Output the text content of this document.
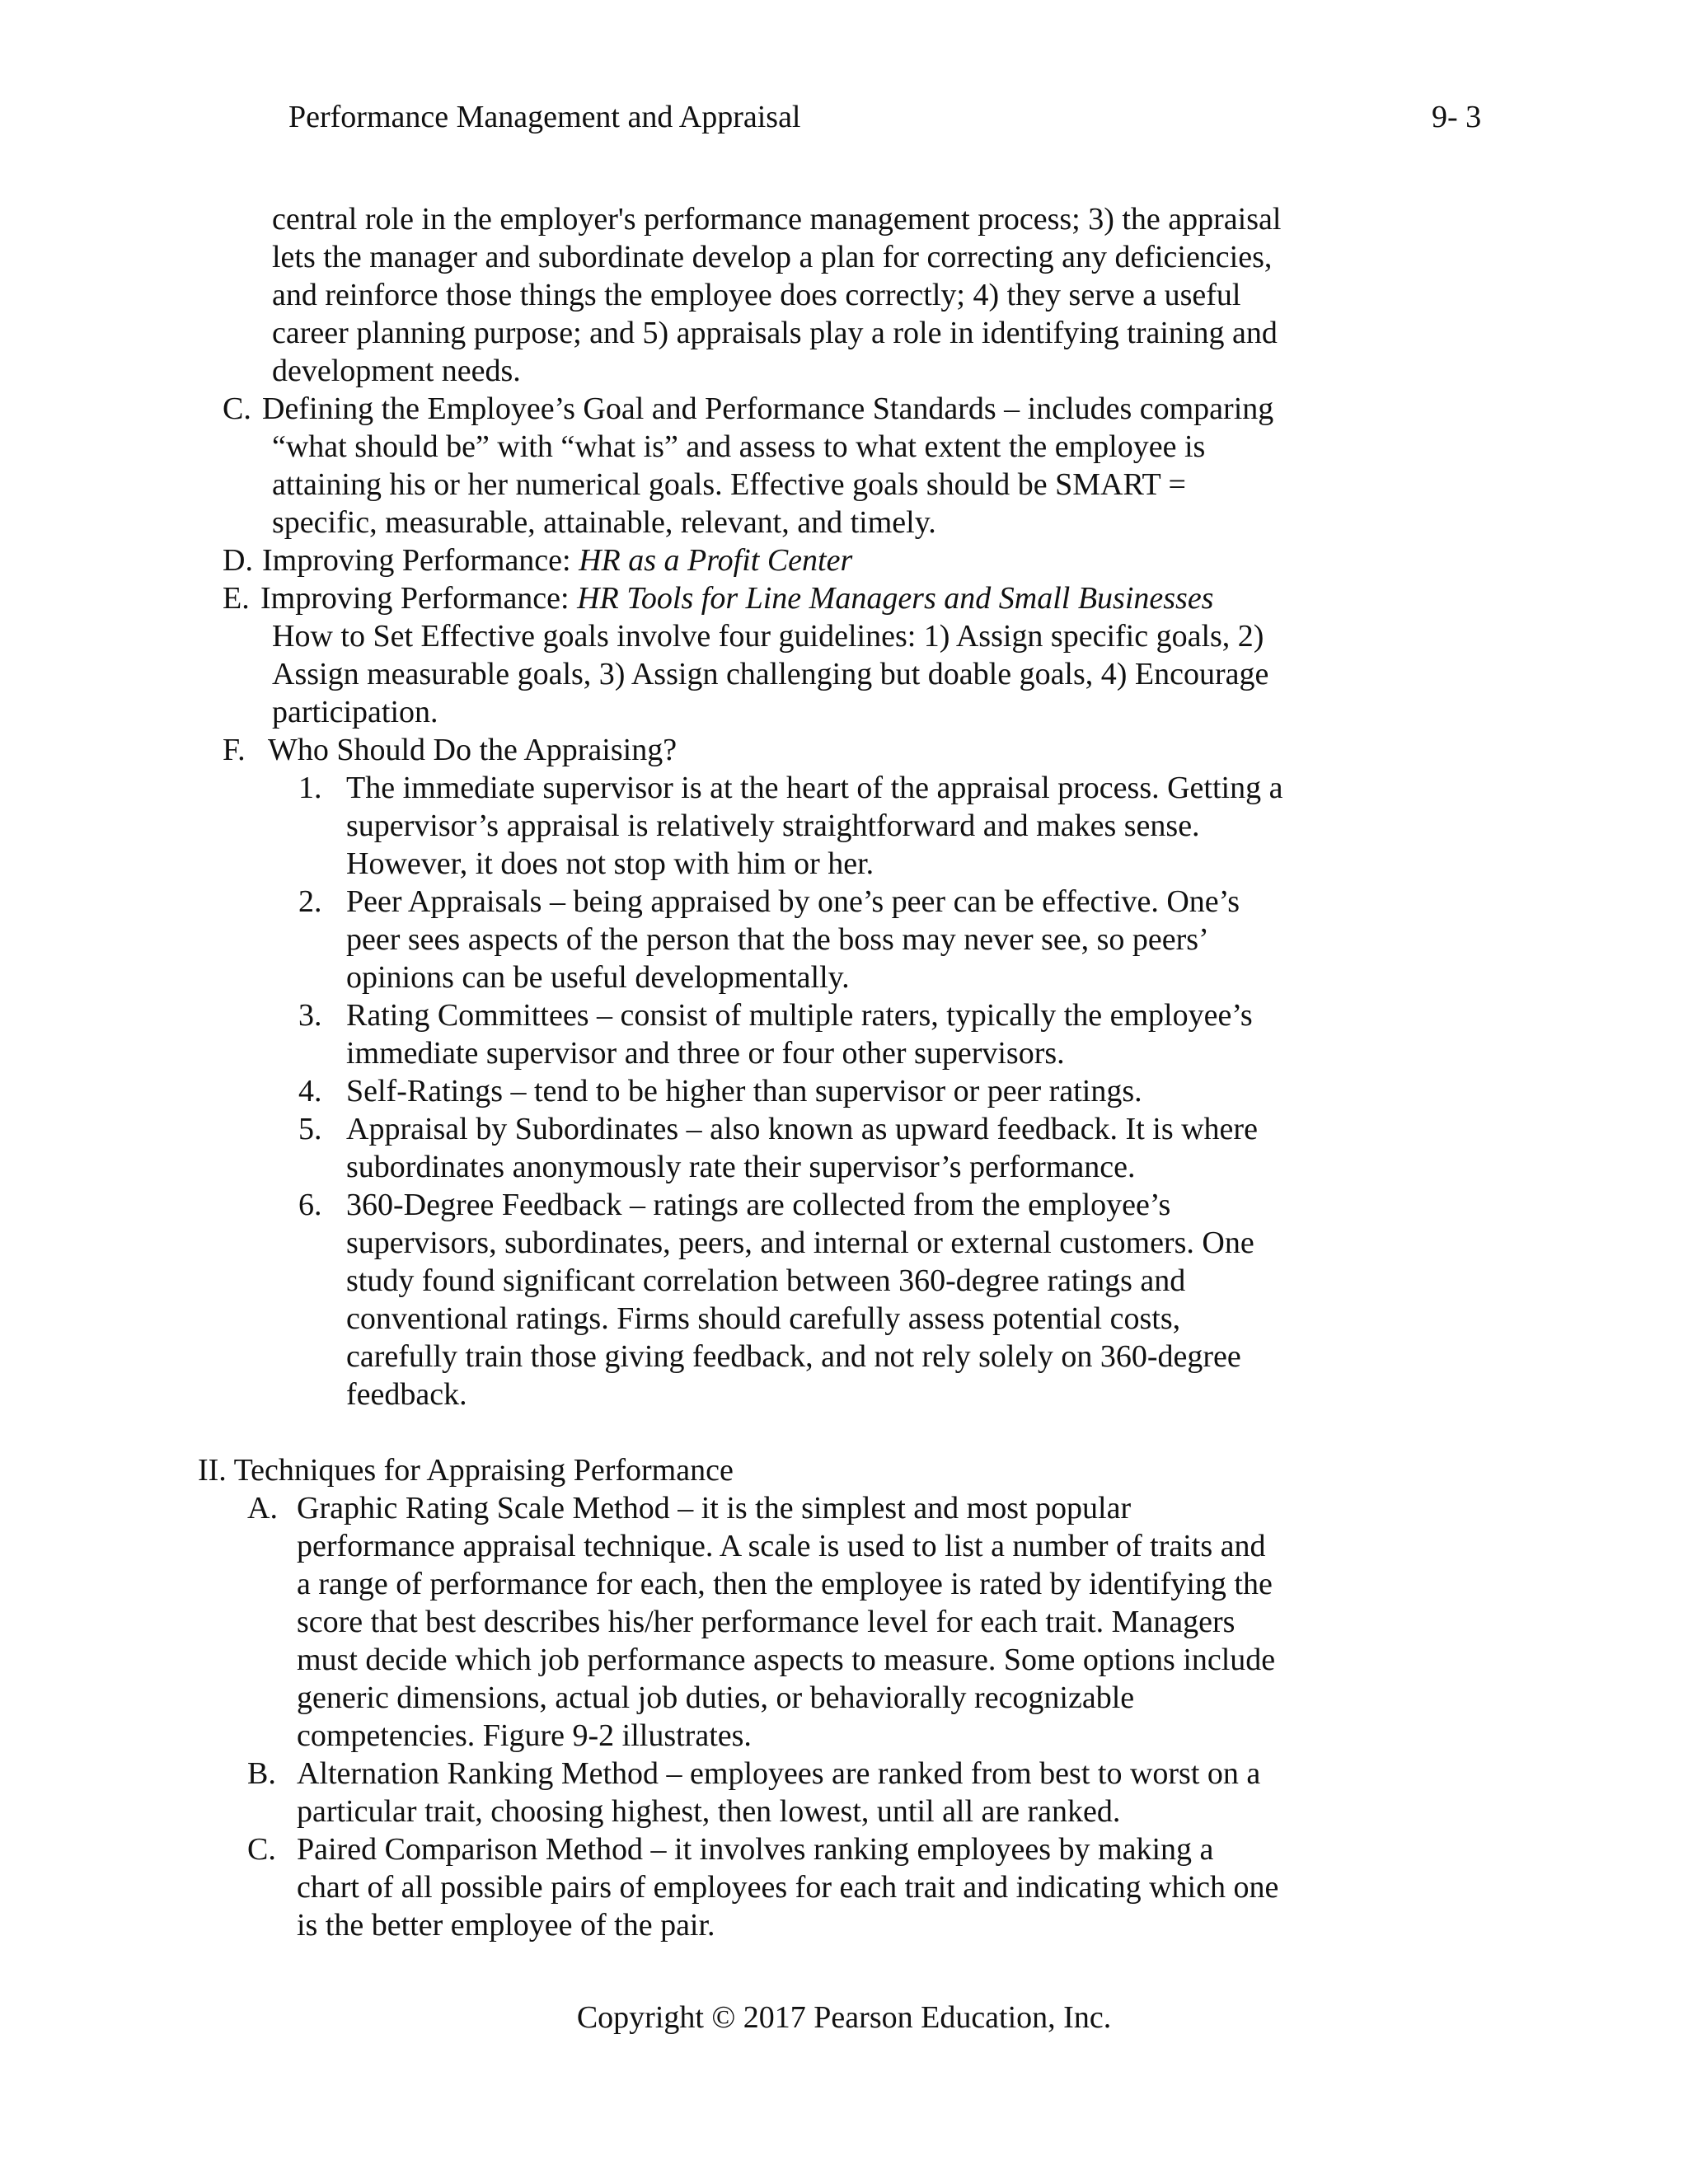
Performance Management and Appraisal	9- 3
central role in the employer's performance management process; 3) the appraisal
lets the manager and subordinate develop a plan for correcting any deficiencies,
and reinforce those things the employee does correctly; 4) they serve a useful
career planning purpose; and 5) appraisals play a role in identifying training and
development needs.
C. Defining the Employee’s Goal and Performance Standards – includes comparing
“what should be” with “what is” and assess to what extent the employee is
attaining his or her numerical goals. Effective goals should be SMART =
specific, measurable, attainable, relevant, and timely.
D. Improving Performance: HR as a Profit Center
E. Improving Performance: HR Tools for Line Managers and Small Businesses
How to Set Effective goals involve four guidelines: 1) Assign specific goals, 2)
Assign measurable goals, 3) Assign challenging but doable goals, 4) Encourage
participation.
F. Who Should Do the Appraising?
1. The immediate supervisor is at the heart of the appraisal process. Getting a
supervisor’s appraisal is relatively straightforward and makes sense.
However, it does not stop with him or her.
2. Peer Appraisals – being appraised by one’s peer can be effective. One’s
peer sees aspects of the person that the boss may never see, so peers’
opinions can be useful developmentally.
3. Rating Committees – consist of multiple raters, typically the employee’s
immediate supervisor and three or four other supervisors.
4. Self-Ratings – tend to be higher than supervisor or peer ratings.
5. Appraisal by Subordinates – also known as upward feedback. It is where
subordinates anonymously rate their supervisor’s performance.
6. 360-Degree Feedback – ratings are collected from the employee’s
supervisors, subordinates, peers, and internal or external customers. One
study found significant correlation between 360-degree ratings and
conventional ratings. Firms should carefully assess potential costs,
carefully train those giving feedback, and not rely solely on 360-degree
feedback.
II. Techniques for Appraising Performance
A. Graphic Rating Scale Method – it is the simplest and most popular
performance appraisal technique. A scale is used to list a number of traits and
a range of performance for each, then the employee is rated by identifying the
score that best describes his/her performance level for each trait. Managers
must decide which job performance aspects to measure. Some options include
generic dimensions, actual job duties, or behaviorally recognizable
competencies. Figure 9-2 illustrates.
B. Alternation Ranking Method – employees are ranked from best to worst on a
particular trait, choosing highest, then lowest, until all are ranked.
C. Paired Comparison Method – it involves ranking employees by making a
chart of all possible pairs of employees for each trait and indicating which one
is the better employee of the pair.
Copyright © 2017 Pearson Education, Inc.
